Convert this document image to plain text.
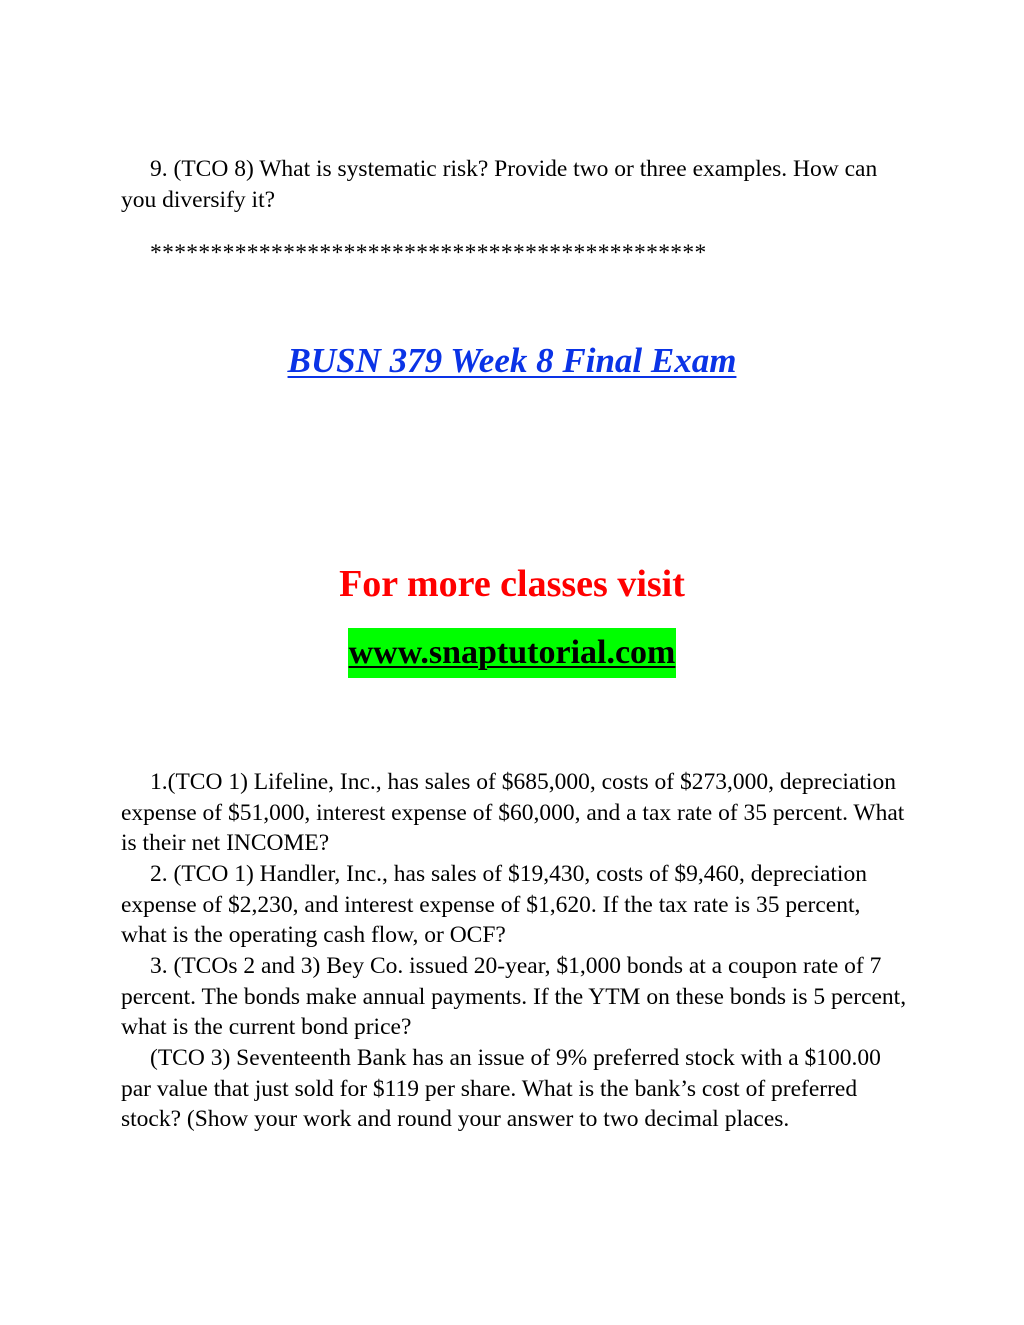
9. (TCO 8) What is systematic risk? Provide two or three examples. How can you diversify it?

**********************************************
BUSN 379 Week 8 Final Exam
For more classes visit
www.snaptutorial.com

1.(TCO 1) Lifeline, Inc., has sales of $685,000, costs of $273,000, depreciation expense of $51,000, interest expense of $60,000, and a tax rate of 35 percent. What is their net INCOME?

2. (TCO 1) Handler, Inc., has sales of $19,430, costs of $9,460, depreciation expense of $2,230, and interest expense of $1,620. If the tax rate is 35 percent, what is the operating cash flow, or OCF?

3. (TCOs 2 and 3) Bey Co. issued 20-year, $1,000 bonds at a coupon rate of 7 percent. The bonds make annual payments. If the YTM on these bonds is 5 percent, what is the current bond price?

(TCO 3) Seventeenth Bank has an issue of 9% preferred stock with a $100.00 par value that just sold for $119 per share. What is the bank’s cost of preferred stock? (Show your work and round your answer to two decimal places.
